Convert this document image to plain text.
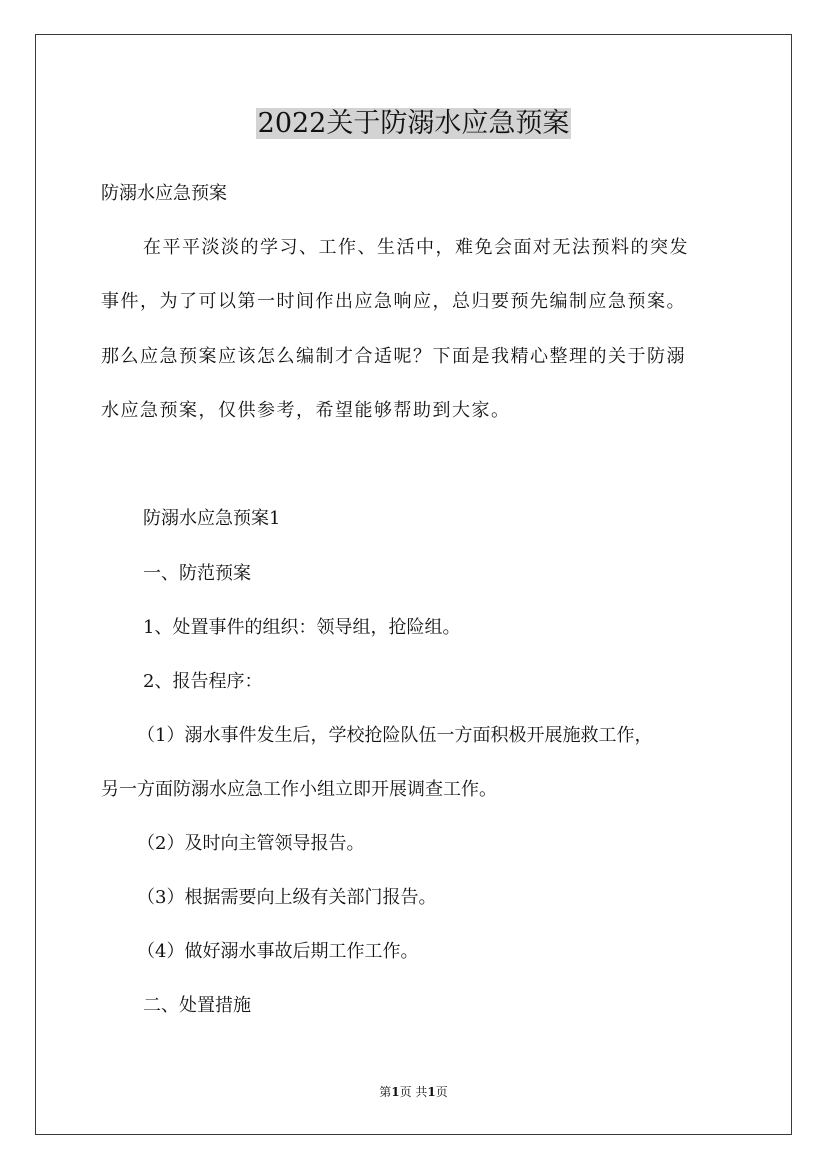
2022关于防溺水应急预案

防溺水应急预案

在平平淡淡的学习、工作、生活中，难免会面对无法预料的突发

事件，为了可以第一时间作出应急响应，总归要预先编制应急预案。

那么应急预案应该怎么编制才合适呢？下面是我精心整理的关于防溺

水应急预案，仅供参考，希望能够帮助到大家。

防溺水应急预案1

一、防范预案

1、处置事件的组织：领导组，抢险组。

2、报告程序：

（1）溺水事件发生后，学校抢险队伍一方面积极开展施救工作，

另一方面防溺水应急工作小组立即开展调查工作。

（2）及时向主管领导报告。

（3）根据需要向上级有关部门报告。

（4）做好溺水事故后期工作工作。

二、处置措施

第1页 共1页
